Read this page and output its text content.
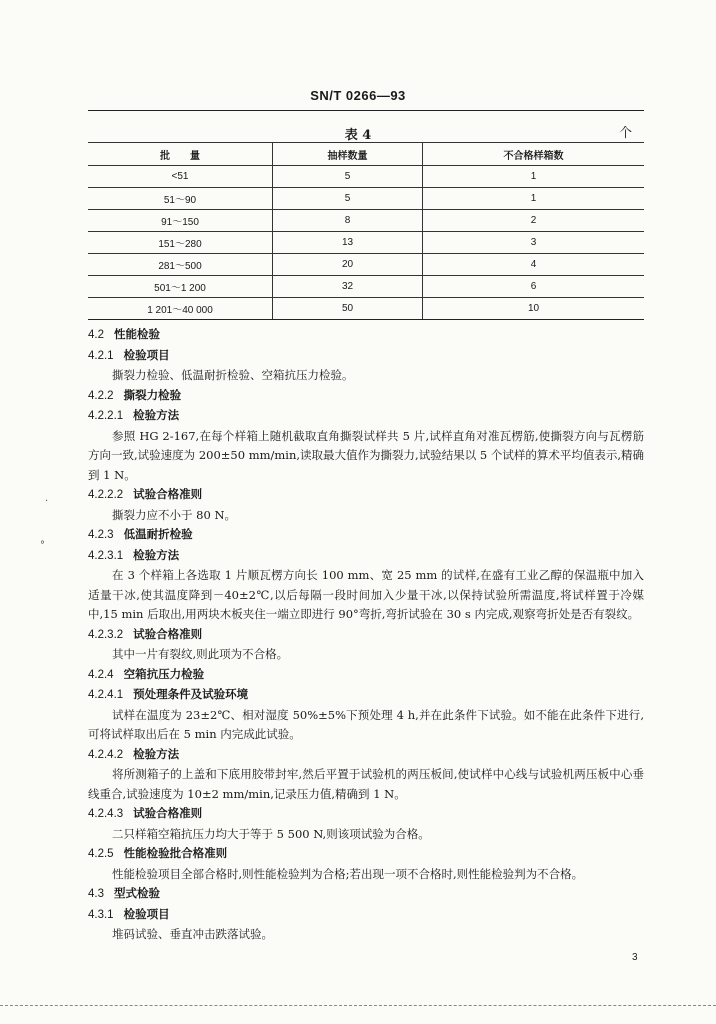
SN/T 0266—93
表 4	个
批　　量	抽样数量	不合格样箱数
<51	5	1
51～90	5	1
91～150	8	2
151～280	13	3
281～500	20	4
501～1 200	32	6
1 201～40 000	50	10

4.2 性能检验

4.2.1 检验项目

撕裂力检验、低温耐折检验、空箱抗压力检验。

4.2.2 撕裂力检验

4.2.2.1 检验方法

参照 HG 2-167,在每个样箱上随机截取直角撕裂试样共 5 片,试样直角对准瓦楞筋,使撕裂方向与瓦楞筋方向一致,试验速度为 200±50 mm/min,读取最大值作为撕裂力,试验结果以 5 个试样的算术平均值表示,精确到 1 N。

4.2.2.2 试验合格准则

撕裂力应不小于 80 N。

4.2.3 低温耐折检验

4.2.3.1 检验方法

在 3 个样箱上各选取 1 片顺瓦楞方向长 100 mm、宽 25 mm 的试样,在盛有工业乙醇的保温瓶中加入适量干冰,使其温度降到－40±2℃,以后每隔一段时间加入少量干冰,以保持试验所需温度,将试样置于冷媒中,15 min 后取出,用两块木板夹住一端立即进行 90°弯折,弯折试验在 30 s 内完成,观察弯折处是否有裂纹。

4.2.3.2 试验合格准则

其中一片有裂纹,则此项为不合格。

4.2.4 空箱抗压力检验

4.2.4.1 预处理条件及试验环境

试样在温度为 23±2℃、相对湿度 50%±5%下预处理 4 h,并在此条件下试验。如不能在此条件下进行,可将试样取出后在 5 min 内完成此试验。

4.2.4.2 检验方法

将所测箱子的上盖和下底用胶带封牢,然后平置于试验机的两压板间,使试样中心线与试验机两压板中心垂线重合,试验速度为 10±2 mm/min,记录压力值,精确到 1 N。

4.2.4.3 试验合格准则

二只样箱空箱抗压力均大于等于 5 500 N,则该项试验为合格。

4.2.5 性能检验批合格准则

性能检验项目全部合格时,则性能检验判为合格;若出现一项不合格时,则性能检验判为不合格。

4.3 型式检验

4.3.1 检验项目

堆码试验、垂直冲击跌落试验。

·
°
3
